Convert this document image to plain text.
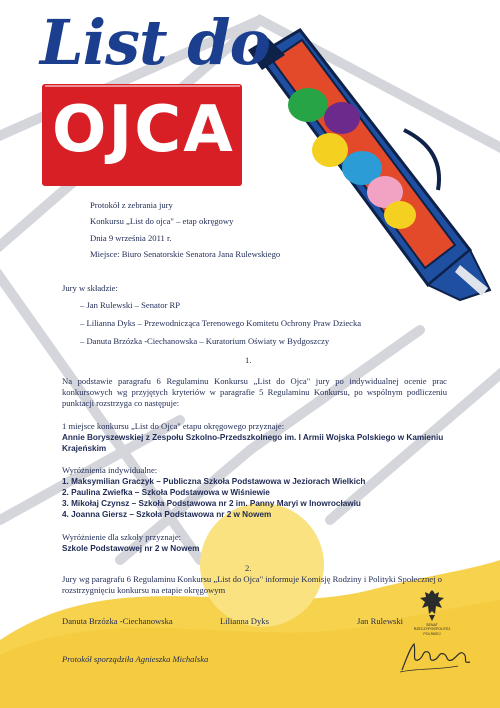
List do
OJCA
Protokół z zebrania jury
Konkursu „List do ojca" – etap okręgowy
Dnia 9 września 2011 r.
Miejsce: Biuro Senatorskie Senatora Jana Rulewskiego
Jury w składzie:
– Jan Rulewski – Senator RP
– Lilianna Dyks – Przewodnicząca Terenowego Komitetu Ochrony Praw Dziecka
– Danuta Brzózka -Ciechanowska – Kuratorium Oświaty w Bydgoszczy
1.
Na podstawie paragrafu 6 Regulaminu Konkursu „List do Ojca" jury po indywidualnej ocenie prac konkursowych wg przyjętych kryteriów w paragrafie 5 Regulaminu Konkursu, po wspólnym podliczeniu punktacji rozstrzyga co następuje:
1 miejsce konkursu „List do Ojca" etapu okręgowego przyznaje:
Annie Boryszewskiej z Zespołu Szkolno-Przedszkolnego im. I Armii Wojska Polskiego w Kamieniu Krajeńskim
Wyróżnienia indywidualne:
1. Maksymilian Graczyk – Publiczna Szkoła Podstawowa w Jeziorach Wielkich
2. Paulina Zwiefka – Szkoła Podstawowa w Wiśniewie
3. Mikołaj Czynsz – Szkoła Podstawowa nr 2 im. Panny Maryi w Inowrocławiu
4. Joanna Giersz – Szkoła Podstawowa nr 2 w Nowem
Wyróżnienie dla szkoły przyznaje:
Szkole Podstawowej nr 2 w Nowem
2.
Jury wg paragrafu 6 Regulaminu Konkursu „List do Ojca" informuje Komisję Rodziny i Polityki Społecznej o rozstrzygnięciu konkursu na etapie okręgowym
Danuta Brzózka -Ciechanowska	Lilianna Dyks	Jan Rulewski
Protokół sporządziła Agnieszka Michalska
SENAT
RZECZYPOSPOLITEJ
POLSKIEJ
